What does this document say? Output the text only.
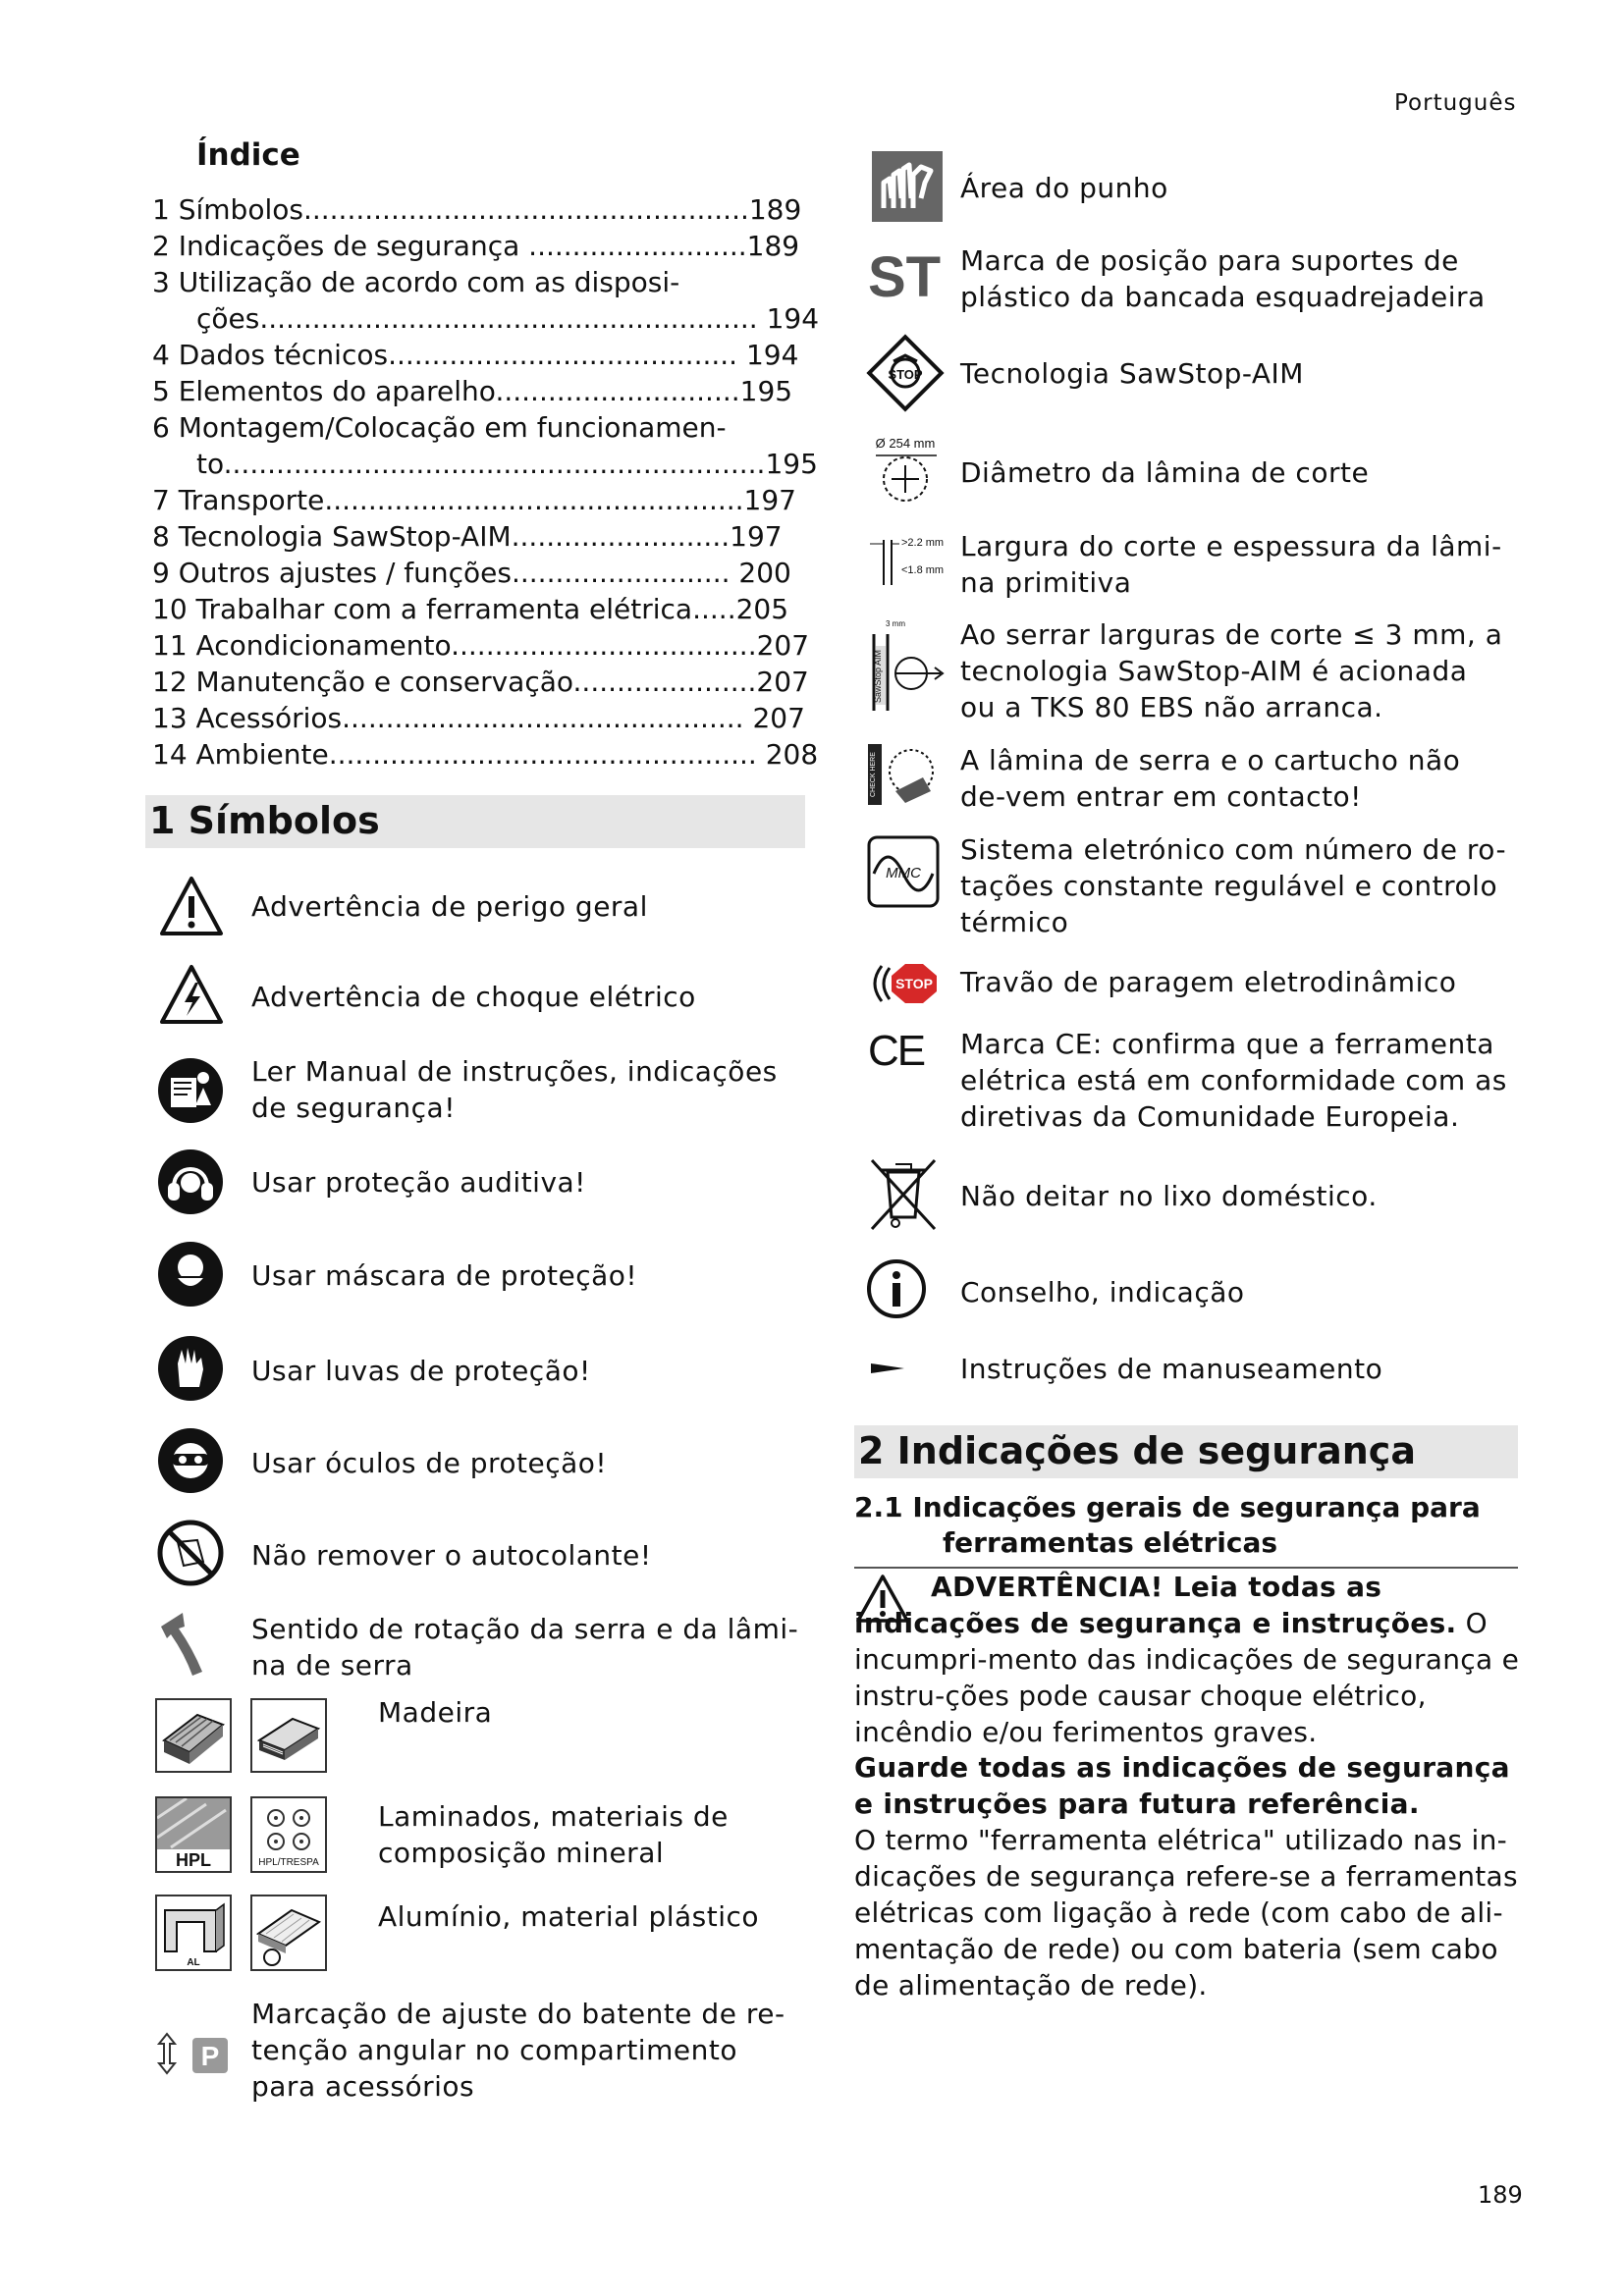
Português
189
Índice
1 Símbolos...................................................189
2 Indicações de segurança .........................189
3 Utilização de acordo com as disposi-
ções......................................................... 194
4 Dados técnicos........................................ 194
5 Elementos do aparelho............................195
6 Montagem/Colocação em funcionamen-
to..............................................................195
7 Transporte................................................197
8 Tecnologia SawStop-AIM.........................197
9 Outros ajustes / funções......................... 200
10 Trabalhar com a ferramenta elétrica.....205
11 Acondicionamento...................................207
12 Manutenção e conservação.....................207
13 Acessórios.............................................. 207
14 Ambiente................................................. 208
1 Símbolos
Advertência de perigo geral
Advertência de choque elétrico
Ler Manual de instruções, indicações de segurança!
Usar proteção auditiva!
Usar máscara de proteção!
Usar luvas de proteção!
Usar óculos de proteção!
Não remover o autocolante!
Sentido de rotação da serra e da lâmi-na de serra
Madeira
HPL	HPL/TRESPA
Laminados, materiais de composição mineral
AL
Alumínio, material plástico
P
Marcação de ajuste do batente de re-tenção angular no compartimento para acessórios
Área do punho
ST Marca de posição para suportes de plástico da bancada esquadrejadeira
STOP Tecnologia SawStop-AIM
Ø 254 mm
Diâmetro da lâmina de corte
>2.2 mm
<1.8 mm
Largura do corte e espessura da lâmi-na primitiva
3 mm
SawStop AIM
Ao serrar larguras de corte ≤ 3 mm, a tecnologia SawStop-AIM é acionada ou a TKS 80 EBS não arranca.
CHECK HERE	A lâmina de serra e o cartucho não de-vem entrar em contacto!
MMC
Sistema eletrónico com número de ro-tações constante regulável e controlo térmico
STOP Travão de paragem eletrodinâmico
CE	Marca CE: confirma que a ferramenta elétrica está em conformidade com as diretivas da Comunidade Europeia.
Não deitar no lixo doméstico.
Conselho, indicação
Instruções de manuseamento
2 Indicações de segurança
2.1 Indicações gerais de segurança para
ferramentas elétricas
ADVERTÊNCIA! Leia todas as indicações de segurança e instruções. O incumpri-mento das indicações de segurança e instru-ções pode causar choque elétrico, incêndio e/ou ferimentos graves.
Guarde todas as indicações de segurança e instruções para futura referência.
O termo "ferramenta elétrica" utilizado nas in-dicações de segurança refere-se a ferramentas elétricas com ligação à rede (com cabo de ali-mentação de rede) ou com bateria (sem cabo de alimentação de rede).
